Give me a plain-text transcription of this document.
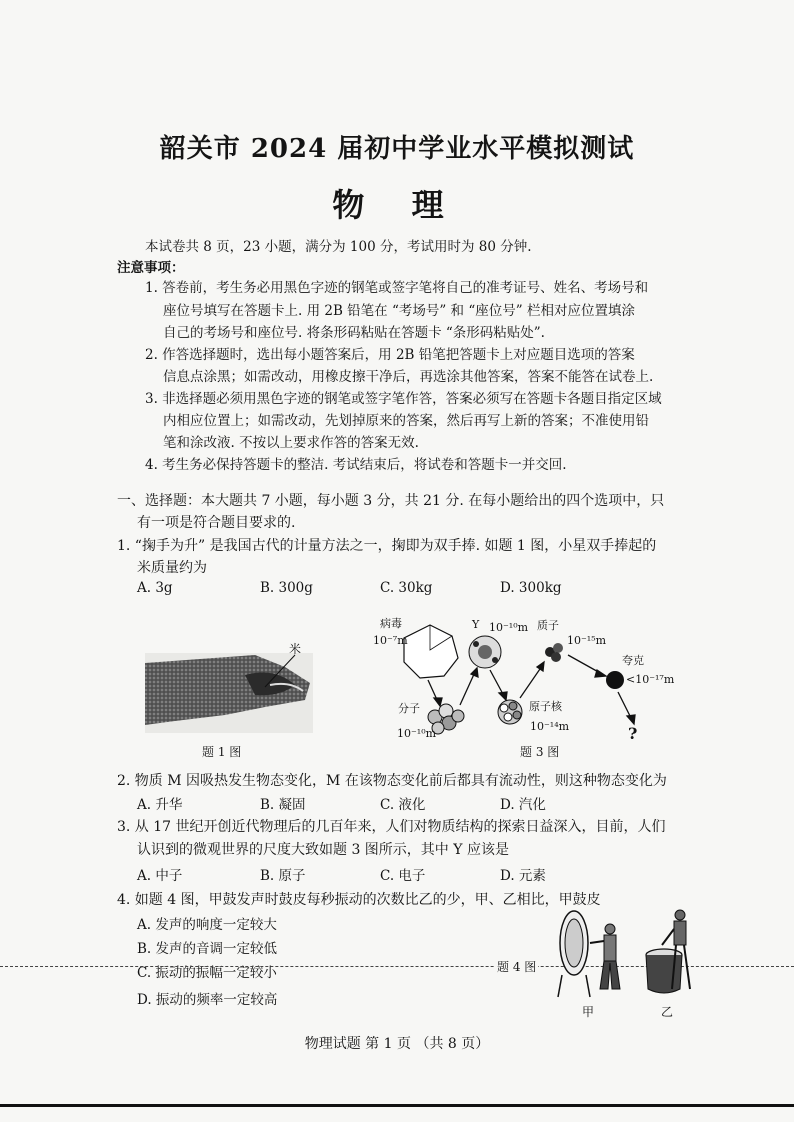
韶关市 2024 届初中学业水平模拟测试
物 理
本试卷共 8 页，23 小题，满分为 100 分，考试用时为 80 分钟.
注意事项：
1. 答卷前，考生务必用黑色字迹的钢笔或签字笔将自己的准考证号、姓名、考场号和
座位号填写在答题卡上. 用 2B 铅笔在 “考场号” 和 “座位号” 栏相对应位置填涂
自己的考场号和座位号. 将条形码粘贴在答题卡 “条形码粘贴处”.
2. 作答选择题时，选出每小题答案后，用 2B 铅笔把答题卡上对应题目选项的答案
信息点涂黑；如需改动，用橡皮擦干净后，再选涂其他答案，答案不能答在试卷上.
3. 非选择题必须用黑色字迹的钢笔或签字笔作答，答案必须写在答题卡各题目指定区域
内相应位置上；如需改动，先划掉原来的答案，然后再写上新的答案；不准使用铅
笔和涂改液. 不按以上要求作答的答案无效.
4. 考生务必保持答题卡的整洁. 考试结束后，将试卷和答题卡一并交回.
一、选择题：本大题共 7 小题，每小题 3 分，共 21 分. 在每小题给出的四个选项中，只
有一项是符合题目要求的.
1. “掬手为升” 是我国古代的计量方法之一，掬即为双手捧. 如题 1 图，小星双手捧起的
米质量约为
A. 3g	B. 300g	C. 30kg	D. 300kg
米
题 1 图
病毒
10⁻⁷m
Y 10⁻¹⁰m 质子
10⁻¹⁵m
夸克
<10⁻¹⁷m
分子
10⁻¹⁰m
原子核
10⁻¹⁴m	?
题 3 图
2. 物质 M 因吸热发生物态变化，M 在该物态变化前后都具有流动性，则这种物态变化为
A. 升华	B. 凝固	C. 液化	D. 汽化
3. 从 17 世纪开创近代物理后的几百年来，人们对物质结构的探索日益深入，目前，人们
认识到的微观世界的尺度大致如题 3 图所示，其中 Y 应该是
A. 中子	B. 原子	C. 电子	D. 元素
4. 如题 4 图，甲鼓发声时鼓皮每秒振动的次数比乙的少，甲、乙相比，甲鼓皮
A. 发声的响度一定较大
B. 发声的音调一定较低
C. 振动的振幅一定较小
D. 振动的频率一定较高
题 4 图
甲	乙
物理试题 第 1 页 （共 8 页）
